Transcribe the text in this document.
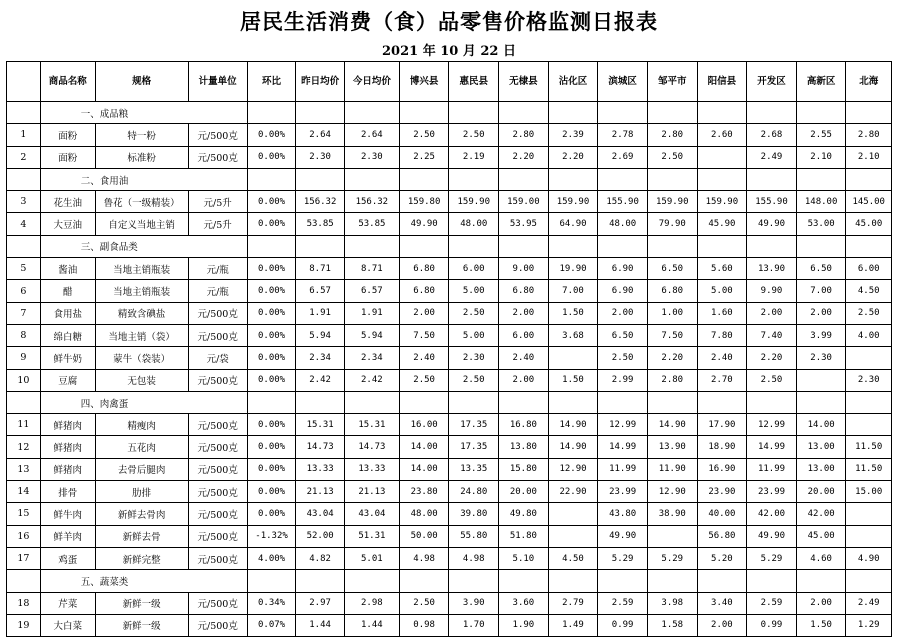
居民生活消费（食）品零售价格监测日报表
2021 年 10 月 22 日
	商品名称	规格	计量单位	环比	昨日均价	今日均价	博兴县	惠民县	无棣县	沾化区	滨城区	邹平市	阳信县	开发区	高新区	北海
	一、成品粮															
1	面粉	特一粉	元/500克	0.00%	2.64	2.64	2.50	2.50	2.80	2.39	2.78	2.80	2.60	2.68	2.55	2.80
2	面粉	标准粉	元/500克	0.00%	2.30	2.30	2.25	2.19	2.20	2.20	2.69	2.50		2.49	2.10	2.10
	二、食用油															
3	花生油	鲁花（一级精装）	元/5升	0.00%	156.32	156.32	159.80	159.90	159.00	159.90	155.90	159.90	159.90	155.90	148.00	145.00
4	大豆油	自定义当地主销	元/5升	0.00%	53.85	53.85	49.90	48.00	53.95	64.90	48.00	79.90	45.90	49.90	53.00	45.00
	三、副食品类															
5	酱油	当地主销瓶装	元/瓶	0.00%	8.71	8.71	6.80	6.00	9.00	19.90	6.90	6.50	5.60	13.90	6.50	6.00
6	醋	当地主销瓶装	元/瓶	0.00%	6.57	6.57	6.80	5.00	6.80	7.00	6.90	6.80	5.00	9.90	7.00	4.50
7	食用盐	精致含碘盐	元/500克	0.00%	1.91	1.91	2.00	2.50	2.00	1.50	2.00	1.00	1.60	2.00	2.00	2.50
8	绵白糖	当地主销（袋）	元/500克	0.00%	5.94	5.94	7.50	5.00	6.00	3.68	6.50	7.50	7.80	7.40	3.99	4.00
9	鲜牛奶	蒙牛（袋装）	元/袋	0.00%	2.34	2.34	2.40	2.30	2.40		2.50	2.20	2.40	2.20	2.30	
10	豆腐	无包装	元/500克	0.00%	2.42	2.42	2.50	2.50	2.00	1.50	2.99	2.80	2.70	2.50		2.30
	四、肉禽蛋															
11	鲜猪肉	精瘦肉	元/500克	0.00%	15.31	15.31	16.00	17.35	16.80	14.90	12.99	14.90	17.90	12.99	14.00	
12	鲜猪肉	五花肉	元/500克	0.00%	14.73	14.73	14.00	17.35	13.80	14.90	14.99	13.90	18.90	14.99	13.00	11.50
13	鲜猪肉	去骨后腿肉	元/500克	0.00%	13.33	13.33	14.00	13.35	15.80	12.90	11.99	11.90	16.90	11.99	13.00	11.50
14	排骨	肋排	元/500克	0.00%	21.13	21.13	23.80	24.80	20.00	22.90	23.99	12.90	23.90	23.99	20.00	15.00
15	鲜牛肉	新鲜去骨肉	元/500克	0.00%	43.04	43.04	48.00	39.80	49.80		43.80	38.90	40.00	42.00	42.00	
16	鲜羊肉	新鲜去骨	元/500克	-1.32%	52.00	51.31	50.00	55.80	51.80		49.90		56.80	49.90	45.00	
17	鸡蛋	新鲜完整	元/500克	4.00%	4.82	5.01	4.98	4.98	5.10	4.50	5.29	5.29	5.20	5.29	4.60	4.90
	五、蔬菜类															
18	芹菜	新鲜一级	元/500克	0.34%	2.97	2.98	2.50	3.90	3.60	2.79	2.59	3.98	3.40	2.59	2.00	2.49
19	大白菜	新鲜一级	元/500克	0.07%	1.44	1.44	0.98	1.70	1.90	1.49	0.99	1.58	2.00	0.99	1.50	1.29
